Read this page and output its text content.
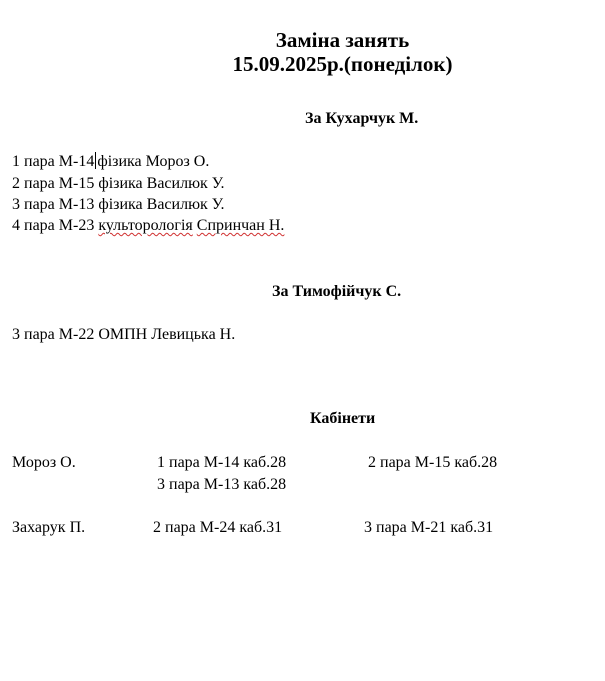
Заміна занять
15.09.2025р.(понеділок)
За Кухарчук М.
1 пара М-14 фізика Мороз О.
2 пара М-15 фізика Василюк У.
3 пара М-13 фізика Василюк У.
4 пара М-23 культорологія Спринчан Н.
За Тимофійчук С.
3 пара М-22 ОМПН Левицька Н.
Кабінети
Мороз О.	1 пара М-14 каб.28	2 пара М-15 каб.28
3 пара М-13 каб.28
Захарук П.	2 пара М-24 каб.31	3 пара М-21 каб.31
